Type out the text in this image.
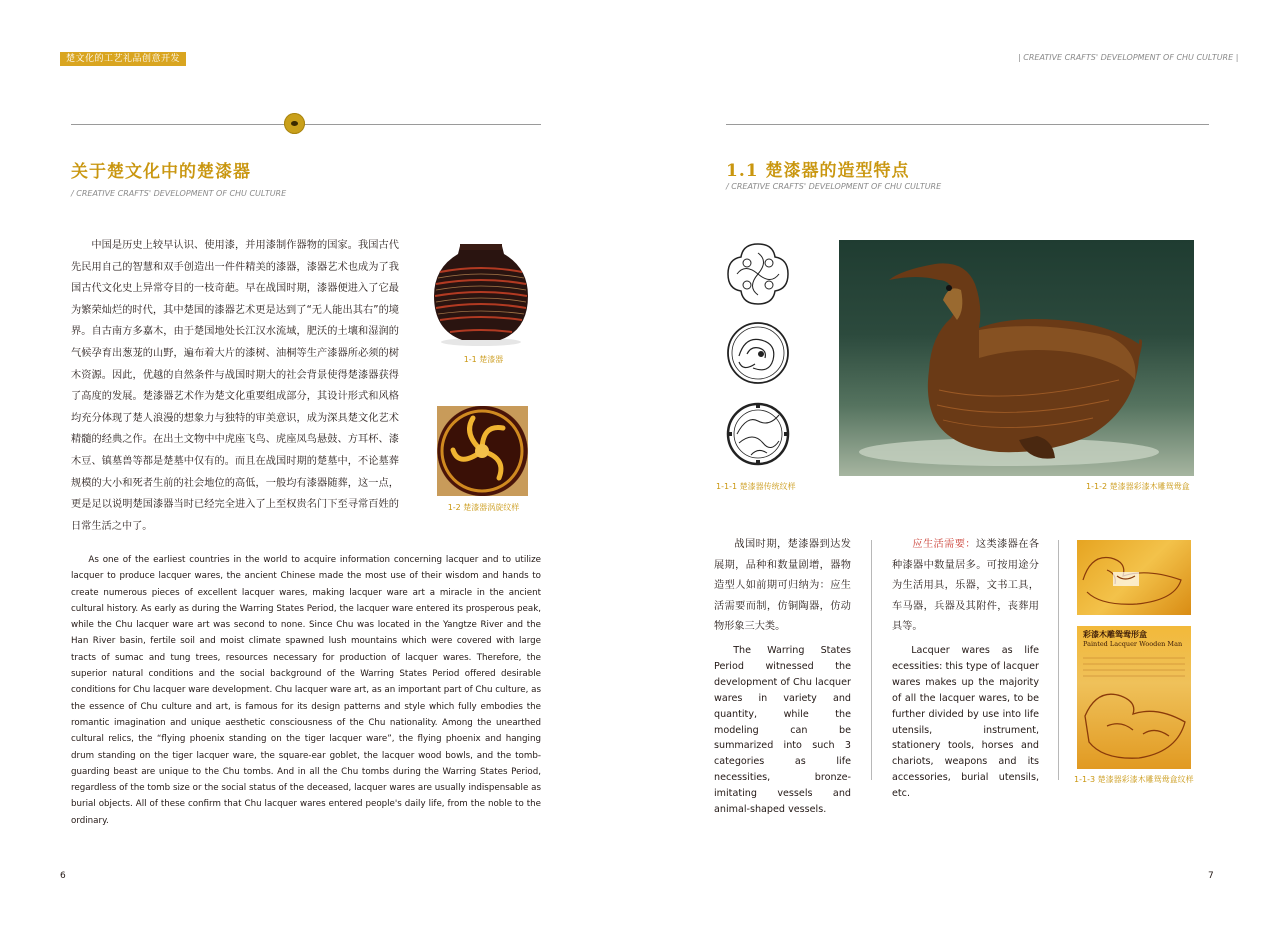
楚文化的工艺礼品创意开发
关于楚文化中的楚漆器
/ CREATIVE CRAFTS' DEVELOPMENT OF CHU CULTURE
中国是历史上较早认识、使用漆，并用漆制作器物的国家。我国古代先民用自己的智慧和双手创造出一件件精美的漆器，漆器艺术也成为了我国古代文化史上异常夺目的一枝奇葩。早在战国时期，漆器便进入了它最为繁荣灿烂的时代，其中楚国的漆器艺术更是达到了“无人能出其右”的境界。自古南方多嘉木，由于楚国地处长江汉水流域，肥沃的土壤和湿润的气候孕育出葱茏的山野，遍布着大片的漆树、油桐等生产漆器所必须的树木资源。因此，优越的自然条件与战国时期大的社会背景使得楚漆器获得了高度的发展。楚漆器艺术作为楚文化重要组成部分，其设计形式和风格均充分体现了楚人浪漫的想象力与独特的审美意识，成为深具楚文化艺术精髓的经典之作。在出土文物中中虎座飞鸟、虎座凤鸟悬鼓、方耳杯、漆木豆、镇墓兽等都是楚墓中仅有的。而且在战国时期的楚墓中，不论墓葬规模的大小和死者生前的社会地位的高低，一般均有漆器随葬，这一点，更是足以说明楚国漆器当时已经完全进入了上至权贵名门下至寻常百姓的日常生活之中了。
1-1 楚漆器
1-2 楚漆器涡旋纹样
As one of the earliest countries in the world to acquire information concerning lacquer and to utilize lacquer to produce lacquer wares, the ancient Chinese made the most use of their wisdom and hands to create numerous pieces of excellent lacquer wares, making lacquer ware art a miracle in the ancient cultural history. As early as during the Warring States Period, the lacquer ware entered its prosperous peak, while the Chu lacquer ware art was second to none. Since Chu was located in the Yangtze River and the Han River basin, fertile soil and moist climate spawned lush mountains which were covered with large tracts of sumac and tung trees, resources necessary for production of lacquer wares. Therefore, the superior natural conditions and the social background of the Warring States Period offered desirable conditions for Chu lacquer ware development. Chu lacquer ware art, as an important part of Chu culture, as the essence of Chu culture and art, is famous for its design patterns and style which fully embodies the romantic imagination and unique aesthetic consciousness of the Chu nationality. Among the unearthed cultural relics, the “flying phoenix standing on the tiger lacquer ware”, the flying phoenix and hanging drum standing on the tiger lacquer ware, the square-ear goblet, the lacquer wood bowls, and the tomb-guarding beast are unique to the Chu tombs. And in all the Chu tombs during the Warring States Period, regardless of the tomb size or the social status of the deceased, lacquer wares are usually indispensable as burial objects. All of these confirm that Chu lacquer wares entered people's daily life, from the noble to the ordinary.
6
| CREATIVE CRAFTS' DEVELOPMENT OF CHU CULTURE |
1.1 楚漆器的造型特点
/ CREATIVE CRAFTS' DEVELOPMENT OF CHU CULTURE
1-1-1 楚漆器传统纹样	1-1-2 楚漆器彩漆木雕鸳鸯盒
战国时期，楚漆器到达发展期，品种和数量剧增，器物造型人如前期可归纳为：应生活需要而制，仿铜陶器，仿动物形象三大类。
The Warring States Period witnessed the development of Chu lacquer wares in variety and quantity, while the modeling can be summarized into such 3 categories as life necessities, bronze-imitating vessels and animal-shaped vessels.
应生活需要：这类漆器在各种漆器中数量居多。可按用途分为生活用具，乐器，文书工具，车马器，兵器及其附件，丧葬用具等。
Lacquer wares as life ecessities: this type of lacquer wares makes up the majority of all the lacquer wares, to be further divided by use into life utensils, instrument, stationery tools, horses and chariots, weapons and its accessories, burial utensils, etc.
彩漆木雕鸳鸯形盒
Painted Lacquer Wooden Man
1-1-3 楚漆器彩漆木雕鸳鸯盒纹样
7
